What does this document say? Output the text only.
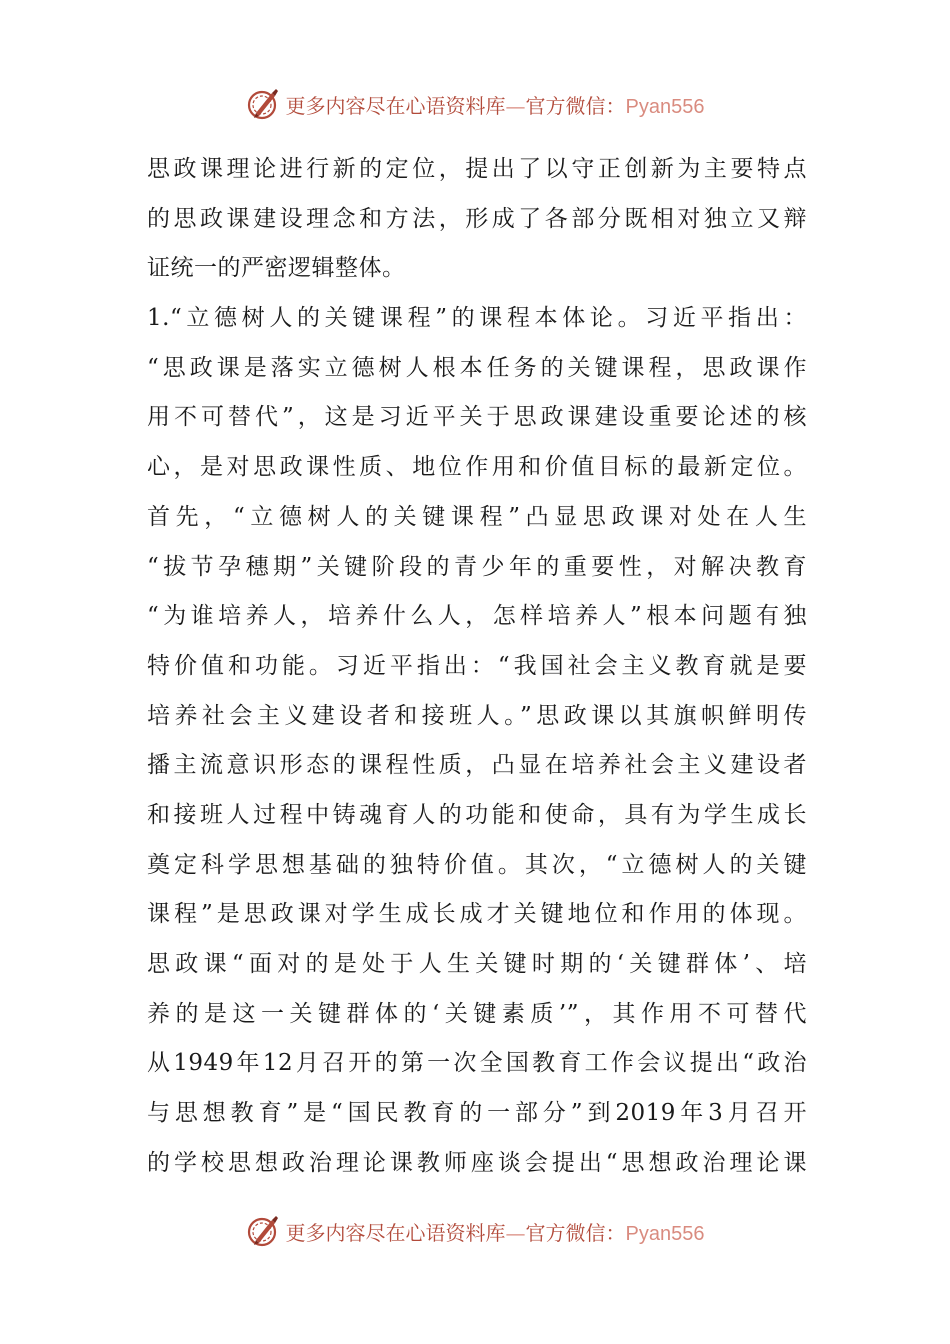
更多内容尽在心语资料库—官方微信：Pyan556
思政课理论进行新的定位，提出了以守正创新为主要特点
的思政课建设理念和方法，形成了各部分既相对独立又辩
证统一的严密逻辑整体。
1.“立德树人的关键课程”的课程本体论。习近平指出：
“思政课是落实立德树人根本任务的关键课程，思政课作
用不可替代”，这是习近平关于思政课建设重要论述的核
心，是对思政课性质、地位作用和价值目标的最新定位。
首先，“立德树人的关键课程”凸显思政课对处在人生
“拔节孕穗期”关键阶段的青少年的重要性，对解决教育
“为谁培养人，培养什么人，怎样培养人”根本问题有独
特价值和功能。习近平指出：“我国社会主义教育就是要
培养社会主义建设者和接班人。”思政课以其旗帜鲜明传
播主流意识形态的课程性质，凸显在培养社会主义建设者
和接班人过程中铸魂育人的功能和使命，具有为学生成长
奠定科学思想基础的独特价值。其次，“立德树人的关键
课程”是思政课对学生成长成才关键地位和作用的体现。
思政课“面对的是处于人生关键时期的‘关键群体’、培
养的是这一关键群体的‘关键素质’”，其作用不可替代
从1949年12月召开的第一次全国教育工作会议提出“政治
与思想教育”是“国民教育的一部分”到2019年3月召开
的学校思想政治理论课教师座谈会提出“思想政治理论课
更多内容尽在心语资料库—官方微信：Pyan556
